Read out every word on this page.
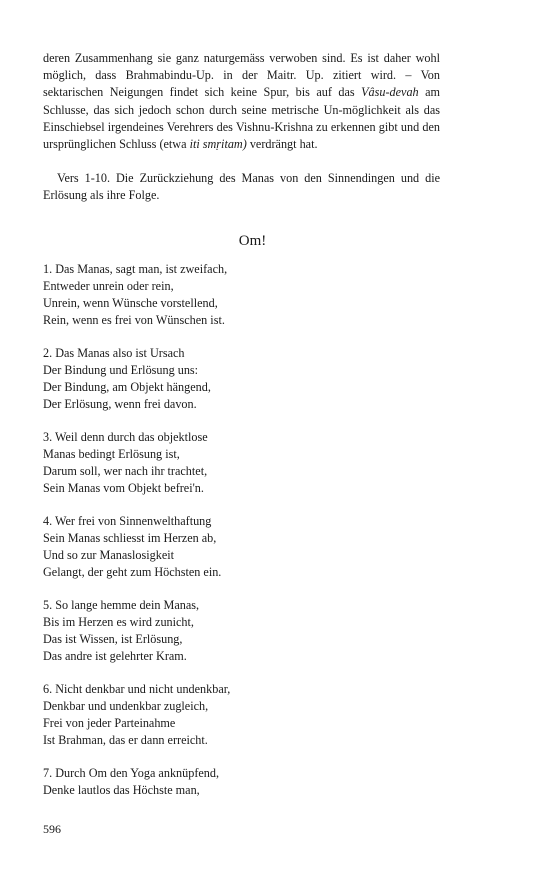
deren Zusammenhang sie ganz naturgemäss verwoben sind. Es ist daher wohl möglich, dass Brahmabindu-Up. in der Maitr. Up. zitiert wird. – Von sektarischen Neigungen findet sich keine Spur, bis auf das Vâsu-devah am Schlusse, das sich jedoch schon durch seine metrische Un-möglichkeit als das Einschiebsel irgendeines Verehrers des Vishnu-Krishna zu erkennen gibt und den ursprünglichen Schluss (etwa iti smṛitam) verdrängt hat.

Vers 1-10. Die Zurückziehung des Manas von den Sinnendingen und die Erlösung als ihre Folge.

Om!
1. Das Manas, sagt man, ist zweifach,
Entweder unrein oder rein,
Unrein, wenn Wünsche vorstellend,
Rein, wenn es frei von Wünschen ist.
2. Das Manas also ist Ursach
Der Bindung und Erlösung uns:
Der Bindung, am Objekt hängend,
Der Erlösung, wenn frei davon.
3. Weil denn durch das objektlose
Manas bedingt Erlösung ist,
Darum soll, wer nach ihr trachtet,
Sein Manas vom Objekt befrei'n.
4. Wer frei von Sinnenwelthaftung
Sein Manas schliesst im Herzen ab,
Und so zur Manaslosigkeit
Gelangt, der geht zum Höchsten ein.
5. So lange hemme dein Manas,
Bis im Herzen es wird zunicht,
Das ist Wissen, ist Erlösung,
Das andre ist gelehrter Kram.
6. Nicht denkbar und nicht undenkbar,
Denkbar und undenkbar zugleich,
Frei von jeder Parteinahme
Ist Brahman, das er dann erreicht.
7. Durch Om den Yoga anknüpfend,
Denke lautlos das Höchste man,
596
